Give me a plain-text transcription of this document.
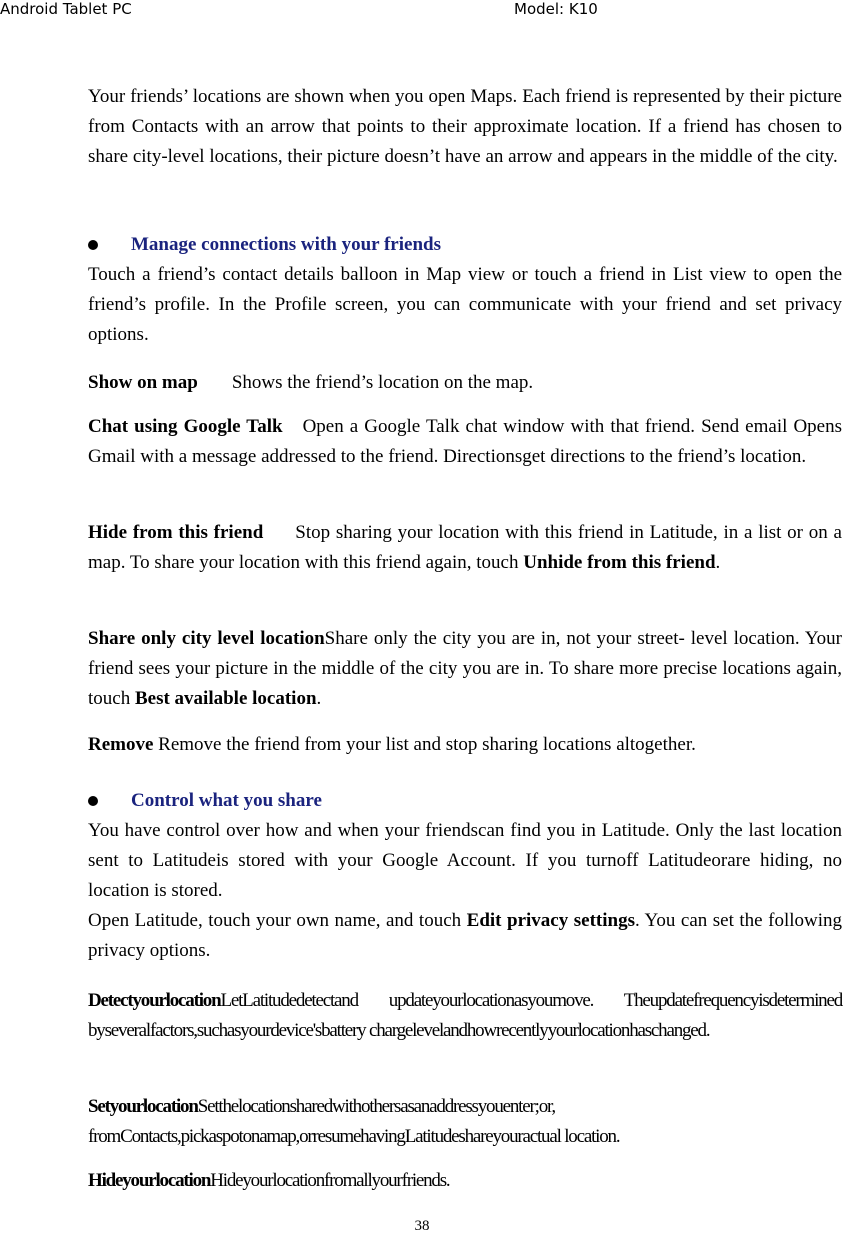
Android Tablet PC	Model: K10

Your friends’ locations are shown when you open Maps. Each friend is represented by their picture from Contacts with an arrow that points to their approximate location. If a friend has chosen to share city-level locations, their picture doesn’t have an arrow and appears in the middle of the city.

Manage connections with your friends

Touch a friend’s contact details balloon in Map view or touch a friend in List view to open the friend’s profile. In the Profile screen, you can communicate with your friend and set privacy options.

Show on map Shows the friend’s location on the map.

Chat using Google Talk Open a Google Talk chat window with that friend. Send email Opens Gmail with a message addressed to the friend. Directionsget directions to the friend’s location.

Hide from this friend Stop sharing your location with this friend in Latitude, in a list or on a map. To share your location with this friend again, touch Unhide from this friend.

Share only city level locationShare only the city you are in, not your street- level location. Your friend sees your picture in the middle of the city you are in. To share more precise locations again, touch Best available location.

Remove Remove the friend from your list and stop sharing locations altogether.

Control what you share

You have control over how and when your friendscan find you in Latitude. Only the last location sent to Latitudeis stored with your Google Account. If you turnoff Latitudeorare hiding, no location is stored.

Open Latitude, touch your own name, and touch Edit privacy settings. You can set the following privacy options.

DetectyourlocationLetLatitudedetectand updateyourlocationasyoumove. Theupdatefrequencyisdetermined byseveralfactors,suchasyourdevice'sbattery chargelevelandhowrecentlyyourlocationhaschanged.

SetyourlocationSetthelocationsharedwithothersasanaddressyouenter;or, fromContacts,pickaspotonamap,orresumehavingLatitudeshareyouractual location.

HideyourlocationHideyourlocationfromallyourfriends.

38
